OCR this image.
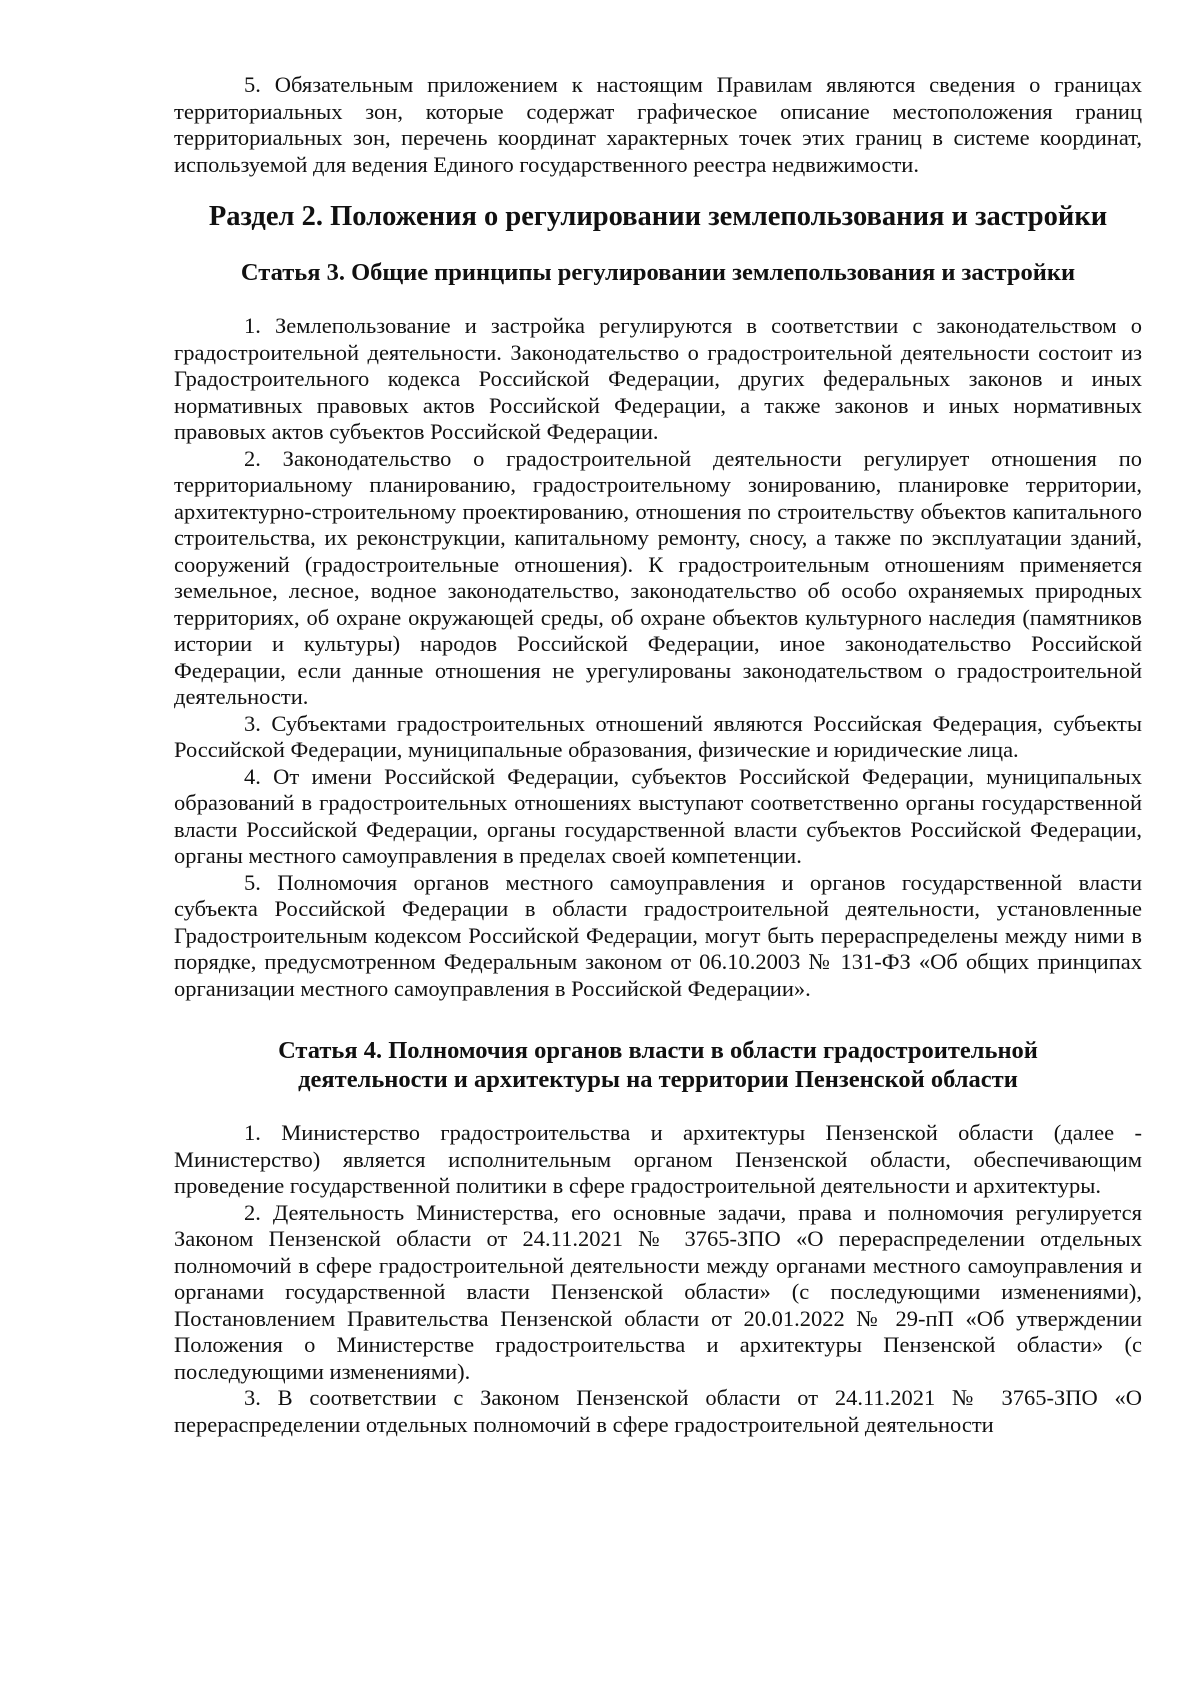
5. Обязательным приложением к настоящим Правилам являются сведения о границах территориальных зон, которые содержат графическое описание местоположения границ территориальных зон, перечень координат характерных точек этих границ в системе координат, используемой для ведения Единого государственного реестра недвижимости.

Раздел 2. Положения о регулировании землепользования и застройки
Статья 3. Общие принципы регулировании землепользования и застройки

1. Землепользование и застройка регулируются в соответствии с законодательством о градостроительной деятельности. Законодательство о градостроительной деятельности состоит из Градостроительного кодекса Российской Федерации, других федеральных законов и иных нормативных правовых актов Российской Федерации, а также законов и иных нормативных правовых актов субъектов Российской Федерации.

2. Законодательство о градостроительной деятельности регулирует отношения по территориальному планированию, градостроительному зонированию, планировке территории, архитектурно-строительному проектированию, отношения по строительству объектов капитального строительства, их реконструкции, капитальному ремонту, сносу, а также по эксплуатации зданий, сооружений (градостроительные отношения). К градостроительным отношениям применяется земельное, лесное, водное законодательство, законодательство об особо охраняемых природных территориях, об охране окружающей среды, об охране объектов культурного наследия (памятников истории и культуры) народов Российской Федерации, иное законодательство Российской Федерации, если данные отношения не урегулированы законодательством о градостроительной деятельности.

3. Субъектами градостроительных отношений являются Российская Федерация, субъекты Российской Федерации, муниципальные образования, физические и юридические лица.

4. От имени Российской Федерации, субъектов Российской Федерации, муниципальных образований в градостроительных отношениях выступают соответственно органы государственной власти Российской Федерации, органы государственной власти субъектов Российской Федерации, органы местного самоуправления в пределах своей компетенции.

5. Полномочия органов местного самоуправления и органов государственной власти субъекта Российской Федерации в области градостроительной деятельности, установленные Градостроительным кодексом Российской Федерации, могут быть перераспределены между ними в порядке, предусмотренном Федеральным законом от 06.10.2003 № 131-ФЗ «Об общих принципах организации местного самоуправления в Российской Федерации».

Статья 4. Полномочия органов власти в области градостроительной
деятельности и архитектуры на территории Пензенской области

1. Министерство градостроительства и архитектуры Пензенской области (далее - Министерство) является исполнительным органом Пензенской области, обеспечивающим проведение государственной политики в сфере градостроительной деятельности и архитектуры.

2. Деятельность Министерства, его основные задачи, права и полномочия регулируется Законом Пензенской области от 24.11.2021 № 3765-ЗПО «О перераспределении отдельных полномочий в сфере градостроительной деятельности между органами местного самоуправления и органами государственной власти Пензенской области» (с последующими изменениями), Постановлением Правительства Пензенской области от 20.01.2022 № 29-пП «Об утверждении Положения о Министерстве градостроительства и архитектуры Пензенской области» (с последующими изменениями).

3. В соответствии с Законом Пензенской области от 24.11.2021 № 3765-ЗПО «О перераспределении отдельных полномочий в сфере градостроительной деятельности
